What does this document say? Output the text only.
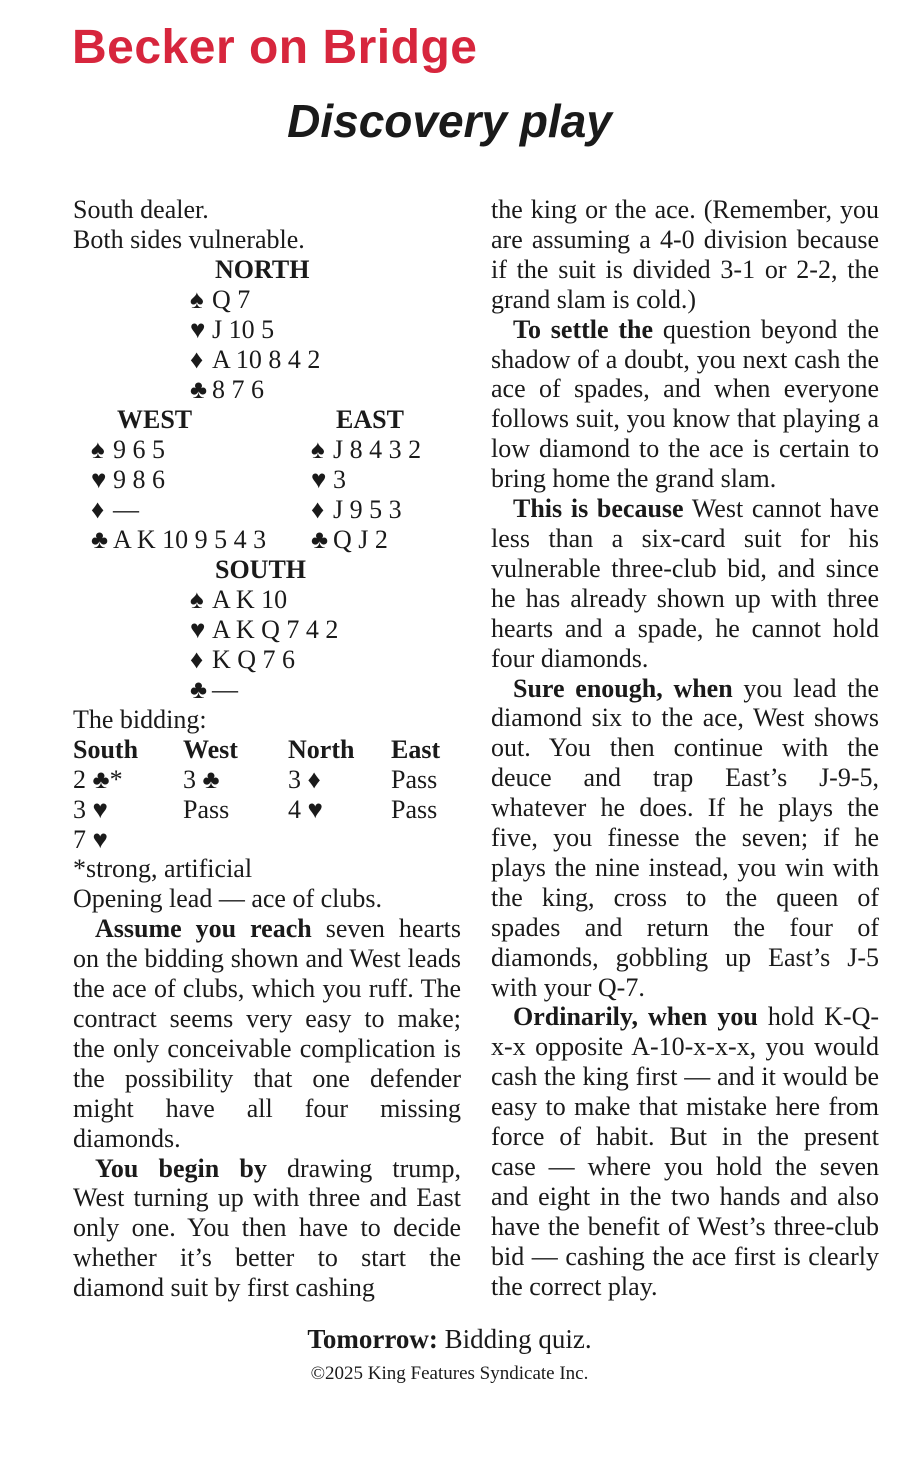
Becker on Bridge
Discovery play
South dealer.
Both sides vulnerable.
NORTH
♠ Q 7
♥ J 10 5
♦ A 10 8 4 2
♣ 8 7 6
WEST	EAST
♠ 9 6 5
♥ 9 8 6
♦ —
♣ A K 10 9 5 4 3
♠ J 8 4 3 2
♥ 3
♦ J 9 5 3
♣ Q J 2
SOUTH
♠ A K 10
♥ A K Q 7 4 2
♦ K Q 7 6
♣ —
The bidding:
South	West	North	East
2 ♣*	3 ♣	3 ♦	Pass
3 ♥	Pass	4 ♥	Pass
7 ♥			
*strong, artificial
Opening lead — ace of clubs.

Assume you reach seven hearts on the bidding shown and West leads the ace of clubs, which you ruff. The contract seems very easy to make; the only conceivable complication is the possibility that one defender might have all four missing diamonds.

You begin by drawing trump, West turning up with three and East only one. You then have to decide whether it’s better to start the diamond suit by first cashing

the king or the ace. (Remember, you are assuming a 4-0 division because if the suit is divided 3-1 or 2-2, the grand slam is cold.)

To settle the question beyond the shadow of a doubt, you next cash the ace of spades, and when everyone follows suit, you know that playing a low diamond to the ace is certain to bring home the grand slam.

This is because West cannot have less than a six-card suit for his vulnerable three-club bid, and since he has already shown up with three hearts and a spade, he cannot hold four diamonds.

Sure enough, when you lead the diamond six to the ace, West shows out. You then continue with the deuce and trap East’s J-9-5, whatever he does. If he plays the five, you finesse the seven; if he plays the nine instead, you win with the king, cross to the queen of spades and return the four of diamonds, gobbling up East’s J-5 with your Q-7.

Ordinarily, when you hold K-Q-x-x opposite A-10-x-x-x, you would cash the king first — and it would be easy to make that mistake here from force of habit. But in the present case — where you hold the seven and eight in the two hands and also have the benefit of West’s three-club bid — cashing the ace first is clearly the correct play.

Tomorrow: Bidding quiz.
©2025 King Features Syndicate Inc.
